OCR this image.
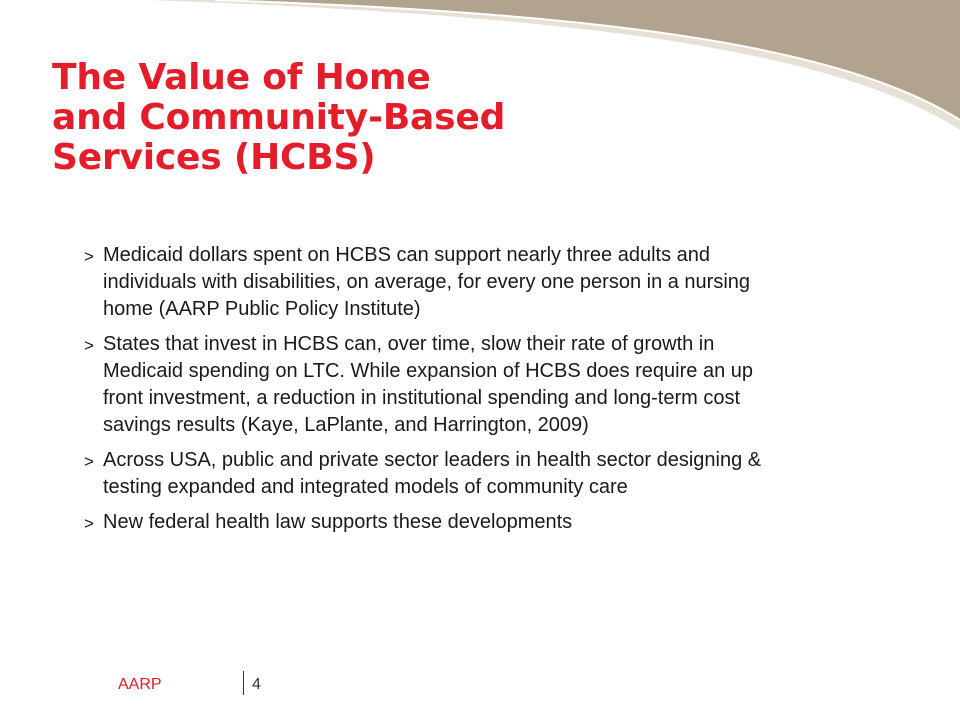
The Value of Home
and Community-Based
Services (HCBS)
> Medicaid dollars spent on HCBS can support nearly three adults and
individuals with disabilities, on average, for every one person in a nursing
home (AARP Public Policy Institute)
> States that invest in HCBS can, over time, slow their rate of growth in
Medicaid spending on LTC. While expansion of HCBS does require an up
front investment, a reduction in institutional spending and long-term cost
savings results (Kaye, LaPlante, and Harrington, 2009)
> Across USA, public and private sector leaders in health sector designing &
testing expanded and integrated models of community care
> New federal health law supports these developments
AARP	4
